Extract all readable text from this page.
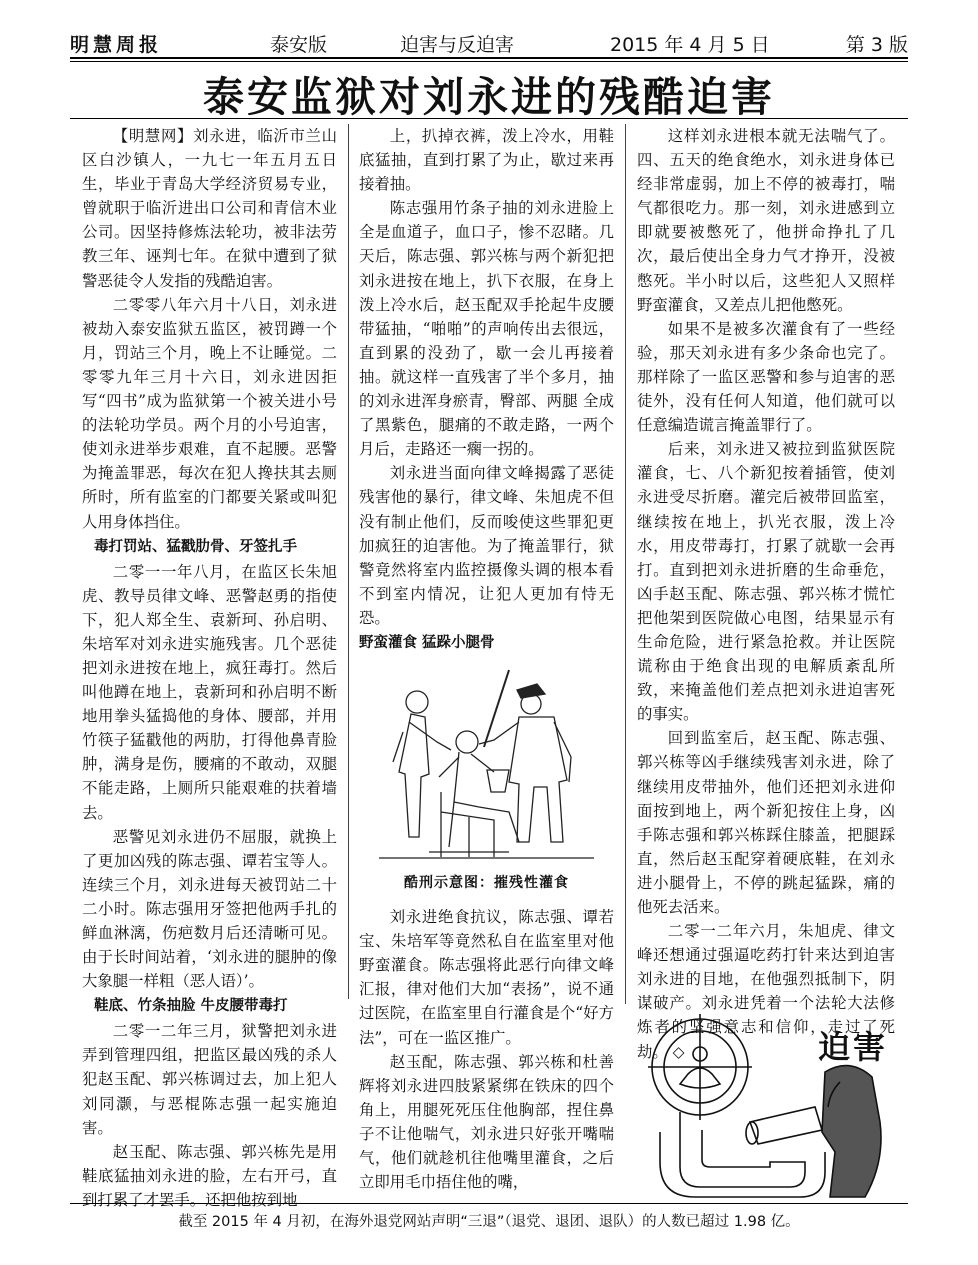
明慧周报	泰安版	迫害与反迫害	2015 年 4 月 5 日	第 3 版
泰安监狱对刘永进的残酷迫害

【明慧网】刘永进，临沂市兰山区白沙镇人，一九七一年五月五日生，毕业于青岛大学经济贸易专业，曾就职于临沂进出口公司和青信木业公司。因坚持修炼法轮功，被非法劳教三年、诬判七年。在狱中遭到了狱警恶徒令人发指的残酷迫害。

二零零八年六月十八日，刘永进被劫入泰安监狱五监区，被罚蹲一个月，罚站三个月，晚上不让睡觉。二零零九年三月十六日，刘永进因拒写“四书”成为监狱第一个被关进小号的法轮功学员。两个月的小号迫害，使刘永进举步艰难，直不起腰。恶警为掩盖罪恶，每次在犯人搀扶其去厕所时，所有监室的门都要关紧或叫犯人用身体挡住。

毒打罚站、猛戳肋骨、牙签扎手

二零一一年八月，在监区长朱旭虎、教导员律文峰、恶警赵勇的指使下，犯人郑全生、袁新珂、孙启明、朱培军对刘永进实施残害。几个恶徒把刘永进按在地上，疯狂毒打。然后叫他蹲在地上，袁新珂和孙启明不断地用拳头猛捣他的身体、腰部，并用竹筷子猛戳他的两肋，打得他鼻青脸肿，满身是伤，腰痛的不敢动，双腿不能走路，上厕所只能艰难的扶着墙去。

恶警见刘永进仍不屈服，就换上了更加凶残的陈志强、谭若宝等人。连续三个月，刘永进每天被罚站二十二小时。陈志强用牙签把他两手扎的鲜血淋漓，伤疤数月后还清晰可见。由于长时间站着，‘刘永进的腿肿的像大象腿一样粗（恶人语）’。

鞋底、竹条抽脸 牛皮腰带毒打

二零一二年三月，狱警把刘永进弄到管理四组，把监区最凶残的杀人犯赵玉配、郭兴栋调过去，加上犯人刘同灏，与恶棍陈志强一起实施迫害。

赵玉配、陈志强、郭兴栋先是用鞋底猛抽刘永进的脸，左右开弓，直到打累了才罢手。还把他按到地

上，扒掉衣裤，泼上冷水，用鞋底猛抽，直到打累了为止，歇过来再接着抽。

陈志强用竹条子抽的刘永进脸上全是血道子，血口子，惨不忍睹。几天后，陈志强、郭兴栋与两个新犯把刘永进按在地上，扒下衣服，在身上泼上冷水后，赵玉配双手抡起牛皮腰带猛抽，“啪啪”的声响传出去很远，直到累的没劲了，歇一会儿再接着抽。就这样一直残害了半个多月，抽的刘永进浑身瘀青，臀部、两腿 全成了黑紫色，腿痛的不敢走路，一两个月后，走路还一瘸一拐的。

刘永进当面向律文峰揭露了恶徒残害他的暴行，律文峰、朱旭虎不但没有制止他们，反而唆使这些罪犯更加疯狂的迫害他。为了掩盖罪行，狱警竟然将室内监控摄像头调的根本看不到室内情况，让犯人更加有恃无恐。

野蛮灌食 猛跺小腿骨
酷刑示意图：摧残性灌食

刘永进绝食抗议，陈志强、谭若宝、朱培军等竟然私自在监室里对他野蛮灌食。陈志强将此恶行向律文峰汇报，律对他们大加“表扬”，说不通过医院，在监室里自行灌食是个“好方法”，可在一监区推广。

赵玉配，陈志强、郭兴栋和杜善辉将刘永进四肢紧紧绑在铁床的四个角上，用腿死死压住他胸部，捏住鼻子不让他喘气，刘永进只好张开嘴喘气，他们就趁机往他嘴里灌食，之后立即用毛巾捂住他的嘴，

这样刘永进根本就无法喘气了。四、五天的绝食绝水，刘永进身体已经非常虚弱，加上不停的被毒打，喘气都很吃力。那一刻，刘永进感到立即就要被憋死了，他拼命挣扎了几次，最后使出全身力气才挣开，没被憋死。半小时以后，这些犯人又照样野蛮灌食，又差点儿把他憋死。

如果不是被多次灌食有了一些经验，那天刘永进有多少条命也完了。那样除了一监区恶警和参与迫害的恶徒外，没有任何人知道，他们就可以任意编造谎言掩盖罪行了。

后来，刘永进又被拉到监狱医院灌食，七、八个新犯按着插管，使刘永进受尽折磨。灌完后被带回监室，继续按在地上，扒光衣服，泼上冷水，用皮带毒打，打累了就歇一会再打。直到把刘永进折磨的生命垂危，凶手赵玉配、陈志强、郭兴栋才慌忙把他架到医院做心电图，结果显示有生命危险，进行紧急抢救。并让医院谎称由于绝食出现的电解质紊乱所致，来掩盖他们差点把刘永进迫害死的事实。

回到监室后，赵玉配、陈志强、郭兴栋等凶手继续残害刘永进，除了继续用皮带抽外，他们还把刘永进仰面按到地上，两个新犯按住上身，凶手陈志强和郭兴栋踩住膝盖，把腿踩直，然后赵玉配穿着硬底鞋，在刘永进小腿骨上，不停的跳起猛跺，痛的他死去活来。

二零一二年六月，朱旭虎、律文峰还想通过强逼吃药打针来达到迫害刘永进的目地，在他强烈抵制下，阴谋破产。刘永进凭着一个法轮大法修炼者的坚强意志和信仰，走过了死劫。 ◇	迫害
截至 2015 年 4 月初，在海外退党网站声明“三退”（退党、退团、退队）的人数已超过 1.98 亿。
